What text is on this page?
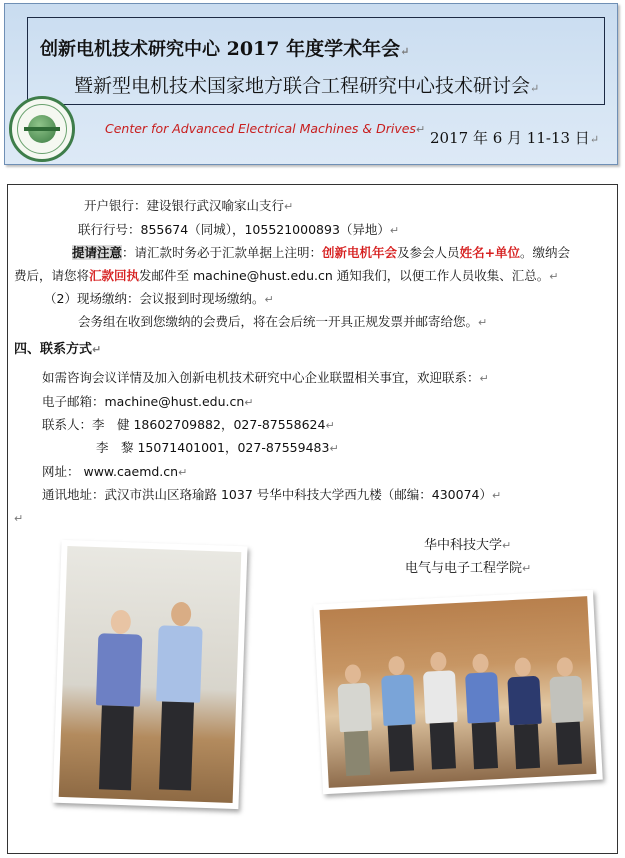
创新电机技术研究中心 2017 年度学术年会↵
暨新型电机技术国家地方联合工程研究中心技术研讨会↵
Center for Advanced Electrical Machines & Drives↵ 2017 年 6 月 11-13 日↵
开户银行：建设银行武汉喻家山支行↵
联行行号：855674（同城），105521000893（异地）↵
提请注意：请汇款时务必于汇款单据上注明：创新电机年会及参会人员姓名+单位。缴纳会
费后，请您将汇款回执发邮件至 machine@hust.edu.cn 通知我们，以便工作人员收集、汇总。↵
（2）现场缴纳：会议报到时现场缴纳。↵
会务组在收到您缴纳的会费后，将在会后统一开具正规发票并邮寄给您。↵
四、联系方式↵
如需咨询会议详情及加入创新电机技术研究中心企业联盟相关事宜，欢迎联系：↵
电子邮箱：machine@hust.edu.cn↵
联系人：李　健 18602709882，027-87558624↵
李　黎 15071401001，027-87559483↵
网址： www.caemd.cn↵
通讯地址：武汉市洪山区珞瑜路 1037 号华中科技大学西九楼（邮编：430074）↵
↵
华中科技大学↵
电气与电子工程学院↵
